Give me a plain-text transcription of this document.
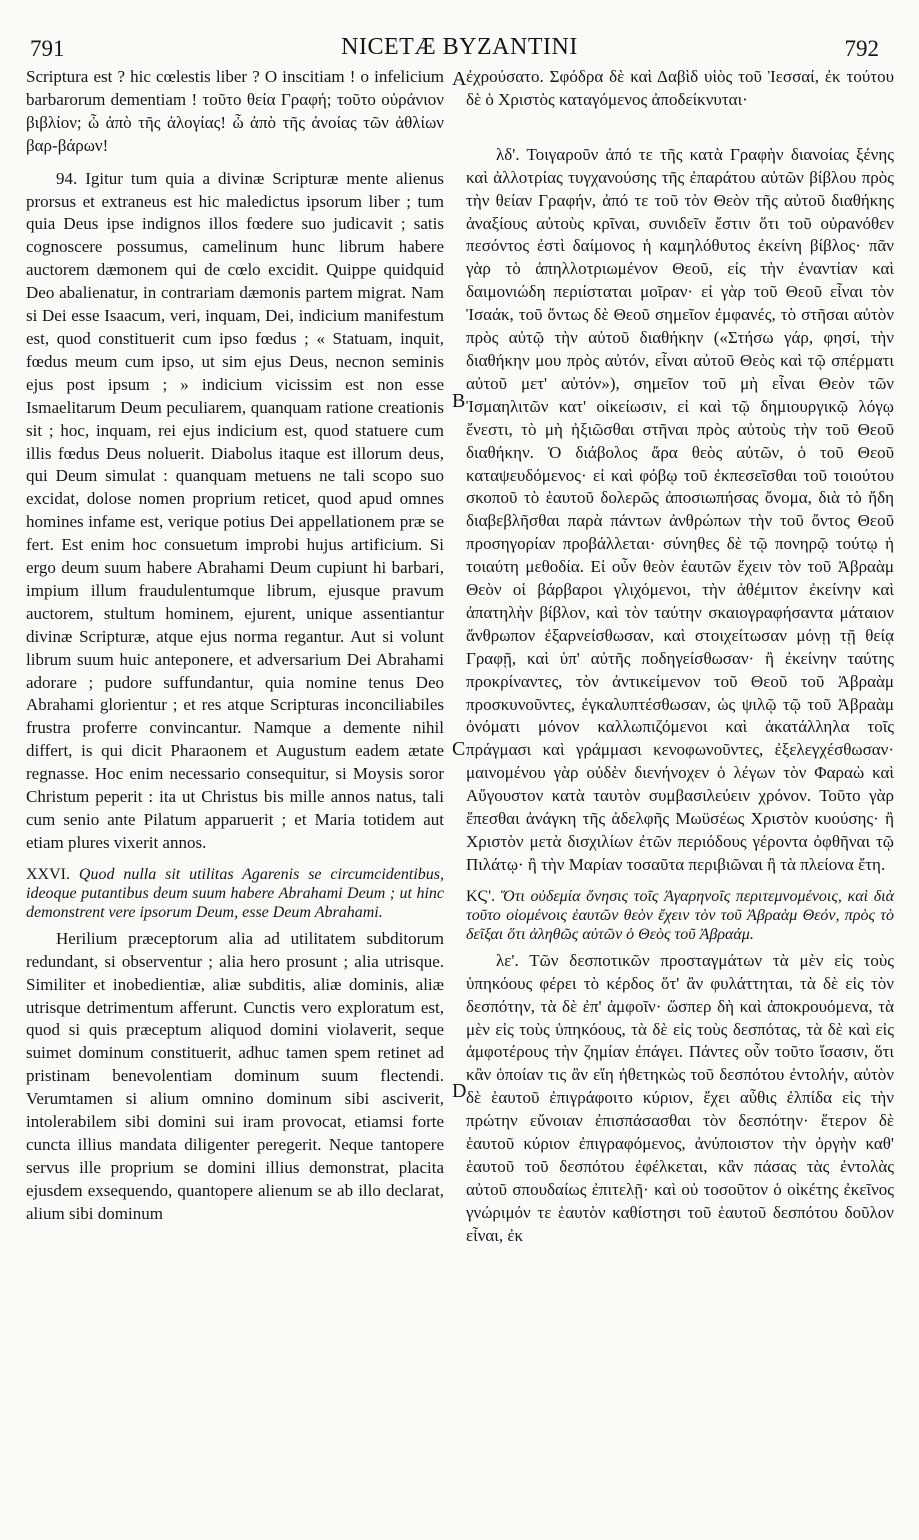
791	NICETÆ BYZANTINI	792

Scriptura est ? hic cœlestis liber ? O inscitiam ! o infelicium barbarorum dementiam ! τοῦτο θεία Γραφή; τοῦτο οὐράνιον βιβλίον; ὦ ἀπὸ τῆς ἀλογίας! ὦ ἀπὸ τῆς ἀνοίας τῶν ἀθλίων βαρ-βάρων!

94. Igitur tum quia a divinæ Scripturæ mente alienus prorsus et extraneus est hic maledictus ipsorum liber ; tum quia Deus ipse indignos illos fœdere suo judicavit ; satis cognoscere possumus, camelinum hunc librum habere auctorem dæmonem qui de cœlo excidit. Quippe quidquid Deo abalienatur, in contrariam dæmonis partem migrat. Nam si Dei esse Isaacum, veri, inquam, Dei, indicium manifestum est, quod constituerit cum ipso fœdus ; « Statuam, inquit, fœdus meum cum ipso, ut sim ejus Deus, necnon seminis ejus post ipsum ; » indicium vicissim est non esse Ismaelitarum Deum peculiarem, quanquam ratione creationis sit ; hoc, inquam, rei ejus indicium est, quod statuere cum illis fœdus Deus noluerit. Diabolus itaque est illorum deus, qui Deum simulat : quanquam metuens ne tali scopo suo excidat, dolose nomen proprium reticet, quod apud omnes homines infame est, verique potius Dei appellationem præ se fert. Est enim hoc consuetum improbi hujus artificium. Si ergo deum suum habere Abrahami Deum cupiunt hi barbari, impium illum fraudulentumque librum, ejusque pravum auctorem, stultum hominem, ejurent, unique assentiantur divinæ Scripturæ, atque ejus norma regantur. Aut si volunt librum suum huic anteponere, et adversarium Dei Abrahami adorare ; pudore suffundantur, quia nomine tenus Deo Abrahami glorientur ; et res atque Scripturas inconciliabiles frustra proferre convincantur. Namque a demente nihil differt, is qui dicit Pharaonem et Augustum eadem ætate regnasse. Hoc enim necessario consequitur, si Moysis soror Christum peperit : ita ut Christus bis mille annos natus, tali cum senio ante Pilatum apparuerit ; et Maria totidem aut etiam plures vixerit annos.

XXVI. Quod nulla sit utilitas Agarenis se circumcidentibus, ideoque putantibus deum suum habere Abrahami Deum ; ut hinc demonstrent vere ipsorum Deum, esse Deum Abrahami.

Herilium præceptorum alia ad utilitatem subditorum redundant, si observentur ; alia hero prosunt ; alia utrisque. Similiter et inobedientiæ, aliæ subditis, aliæ dominis, aliæ utrisque detrimentum afferunt. Cunctis vero exploratum est, quod si quis præceptum aliquod domini violaverit, seque suimet dominum constituerit, adhuc tamen spem retinet ad pristinam benevolentiam dominum suum flectendi. Verumtamen si alium omnino dominum sibi asciverit, intolerabilem sibi domini sui iram provocat, etiamsi forte cuncta illius mandata diligenter peregerit. Neque tantopere servus ille proprium se domini illius demonstrat, placita ejusdem exsequendo, quantopere alienum se ab illo declarat, alium sibi dominum

ἐχρούσατο. Σφόδρα δὲ καὶ Δαβὶδ υἱὸς τοῦ Ἰεσσαί, ἐκ τούτου δὲ ὁ Χριστὸς καταγόμενος ἀποδείκνυται·

λδ'. Τοιγαροῦν ἀπό τε τῆς κατὰ Γραφὴν διανοίας ξένης καὶ ἀλλοτρίας τυγχανούσης τῆς ἐπαράτου αὐτῶν βίβλου πρὸς τὴν θείαν Γραφήν, ἀπό τε τοῦ τὸν Θεὸν τῆς αὐτοῦ διαθήκης ἀναξίους αὐτοὺς κρῖναι, συνιδεῖν ἔστιν ὅτι τοῦ οὐρανόθεν πεσόντος ἐστὶ δαίμονος ἡ καμηλόθυτος ἐκείνη βίβλος· πᾶν γὰρ τὸ ἀπηλλοτριωμένον Θεοῦ, εἰς τὴν ἐναντίαν καὶ δαιμονιώδη περιίσταται μοῖραν· εἰ γὰρ τοῦ Θεοῦ εἶναι τὸν Ἰσαάκ, τοῦ ὄντως δὲ Θεοῦ σημεῖον ἐμφανές, τὸ στῆσαι αὐτὸν πρὸς αὐτῷ τὴν αὐτοῦ διαθήκην («Στήσω γάρ, φησί, τὴν διαθήκην μου πρὸς αὐτόν, εἶναι αὐτοῦ Θεὸς καὶ τῷ σπέρματι αὐτοῦ μετ' αὐτόν»), σημεῖον τοῦ μὴ εἶναι Θεὸν τῶν Ἰσμαηλιτῶν κατ' οἰκείωσιν, εἰ καὶ τῷ δημιουργικῷ λόγῳ ἔνεστι, τὸ μὴ ἠξιῶσθαι στῆναι πρὸς αὐτοὺς τὴν τοῦ Θεοῦ διαθήκην. Ὁ διάβολος ἄρα θεὸς αὐτῶν, ὁ τοῦ Θεοῦ καταψευδόμενος· εἰ καὶ φόβῳ τοῦ ἐκπεσεῖσθαι τοῦ τοιούτου σκοποῦ τὸ ἑαυτοῦ δολερῶς ἀποσιωπήσας ὄνομα, διὰ τὸ ἤδη διαβεβλῆσθαι παρὰ πάντων ἀνθρώπων τὴν τοῦ ὄντος Θεοῦ προσηγορίαν προβάλλεται· σύνηθες δὲ τῷ πονηρῷ τούτῳ ἡ τοιαύτη μεθοδία. Εἰ οὖν θεὸν ἑαυτῶν ἔχειν τὸν τοῦ Ἀβραὰμ Θεὸν οἱ βάρβαροι γλιχόμενοι, τὴν ἀθέμιτον ἐκείνην καὶ ἀπατηλὴν βίβλον, καὶ τὸν ταύτην σκαιογραφήσαντα μάταιον ἄνθρωπον ἐξαρνείσθωσαν, καὶ στοιχείτωσαν μόνῃ τῇ θείᾳ Γραφῇ, καὶ ὑπ' αὐτῆς ποδηγείσθωσαν· ἢ ἐκείνην ταύτης προκρίναντες, τὸν ἀντικείμενον τοῦ Θεοῦ τοῦ Ἀβραὰμ προσκυνοῦντες, ἐγκαλυπτέσθωσαν, ὡς ψιλῷ τῷ τοῦ Ἀβραὰμ ὀνόματι μόνον καλλωπιζόμενοι καὶ ἀκατάλληλα τοῖς πράγμασι καὶ γράμμασι κενοφωνοῦντες, ἐξελεγχέσθωσαν· μαινομένου γὰρ οὐδὲν διενήνοχεν ὁ λέγων τὸν Φαραὼ καὶ Αὔγουστον κατὰ ταυτὸν συμβασιλεύειν χρόνον. Τοῦτο γὰρ ἕπεσθαι ἀνάγκη τῆς ἀδελφῆς Μωϋσέως Χριστὸν κυούσης· ἢ Χριστὸν μετὰ δισχιλίων ἐτῶν περιόδους γέροντα ὀφθῆναι τῷ Πιλάτῳ· ἢ τὴν Μαρίαν τοσαῦτα περιβιῶναι ἢ τὰ πλείονα ἔτη.

ΚϚ'. Ὅτι οὐδεμία ὄνησις τοῖς Ἀγαρηνοῖς περιτεμνομένοις, καὶ διὰ τοῦτο οἰομένοις ἑαυτῶν θεὸν ἔχειν τὸν τοῦ Ἀβραὰμ Θεόν, πρὸς τὸ δεῖξαι ὅτι ἀληθῶς αὐτῶν ὁ Θεὸς τοῦ Ἀβραάμ.

λε'. Τῶν δεσποτικῶν προσταγμάτων τὰ μὲν εἰς τοὺς ὑπηκόους φέρει τὸ κέρδος ὅτ' ἂν φυλάττηται, τὰ δὲ εἰς τὸν δεσπότην, τὰ δὲ ἐπ' ἀμφοῖν· ὥσπερ δὴ καὶ ἀποκρουόμενα, τὰ μὲν εἰς τοὺς ὑπηκόους, τὰ δὲ εἰς τοὺς δεσπότας, τὰ δὲ καὶ εἰς ἀμφοτέρους τὴν ζημίαν ἐπάγει. Πάντες οὖν τοῦτο ἴσασιν, ὅτι κἂν ὁποίαν τις ἂν εἴη ἠθετηκὼς τοῦ δεσπότου ἐντολήν, αὐτὸν δὲ ἑαυτοῦ ἐπιγράφοιτο κύριον, ἔχει αὖθις ἐλπίδα εἰς τὴν πρώτην εὔνοιαν ἐπισπάσασθαι τὸν δεσπότην· ἕτερον δὲ ἑαυτοῦ κύριον ἐπιγραφόμενος, ἀνύποιστον τὴν ὀργὴν καθ' ἑαυτοῦ τοῦ δεσπότου ἐφέλκεται, κἂν πάσας τὰς ἐντολὰς αὐτοῦ σπουδαίως ἐπιτελῇ· καὶ οὐ τοσοῦτον ὁ οἰκέτης ἐκεῖνος γνώριμόν τε ἑαυτὸν καθίστησι τοῦ ἑαυτοῦ δεσπότου δοῦλον εἶναι, ἐκ

A
B
C
D
